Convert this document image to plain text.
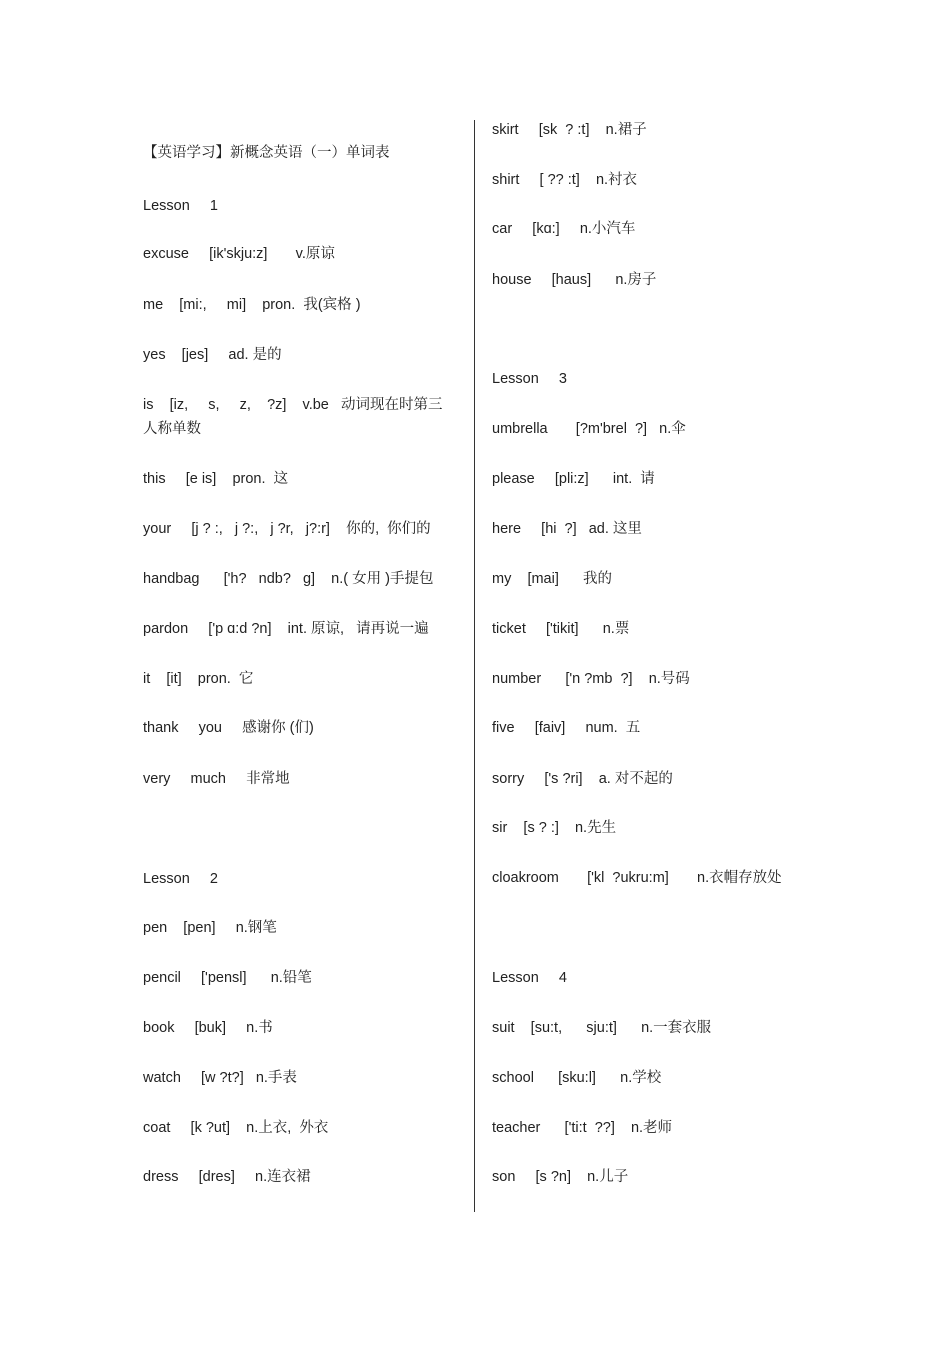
【英语学习】新概念英语（一）单词表
Lesson     1
excuse     [ik'skju:z]       v.原谅
me    [mi:,     mi]    pron.  我(宾格 )
yes    [jes]     ad. 是的
is    [iz,     s,     z,    ?z]    v.be   动词现在时第三人称单数
this     [e is]    pron.  这
your     [j ? :,   j ?:,   j ?r,   j?:r]    你的,  你们的
handbag      ['h?   ndb?   g]    n.( 女用 )手提包
pardon     ['p ɑ:d ?n]    int. 原谅,   请再说一遍
it    [it]    pron.  它
thank     you     感谢你 (们)
very     much     非常地
Lesson     2
pen    [pen]     n.钢笔
pencil     ['pensl]      n.铅笔
book     [buk]     n.书
watch     [w ?t?]   n.手表
coat     [k ?ut]    n.上衣,  外衣
dress     [dres]     n.连衣裙
skirt     [sk  ? :t]    n.裙子
shirt     [ ?? :t]    n.衬衣
car     [kɑ:]     n.小汽车
house     [haus]      n.房子
Lesson     3
umbrella       [?m'brel  ?]   n.伞
please     [pli:z]      int.  请
here     [hi  ?]   ad. 这里
my    [mai]      我的
ticket     ['tikit]      n.票
number      ['n ?mb  ?]    n.号码
five     [faiv]     num.  五
sorry     ['s ?ri]    a. 对不起的
sir    [s ? :]    n.先生
cloakroom       ['kl  ?ukru:m]       n.衣帽存放处
Lesson     4
suit    [su:t,      sju:t]      n.一套衣服
school      [sku:l]      n.学校
teacher      ['ti:t  ??]    n.老师
son     [s ?n]    n.儿子
